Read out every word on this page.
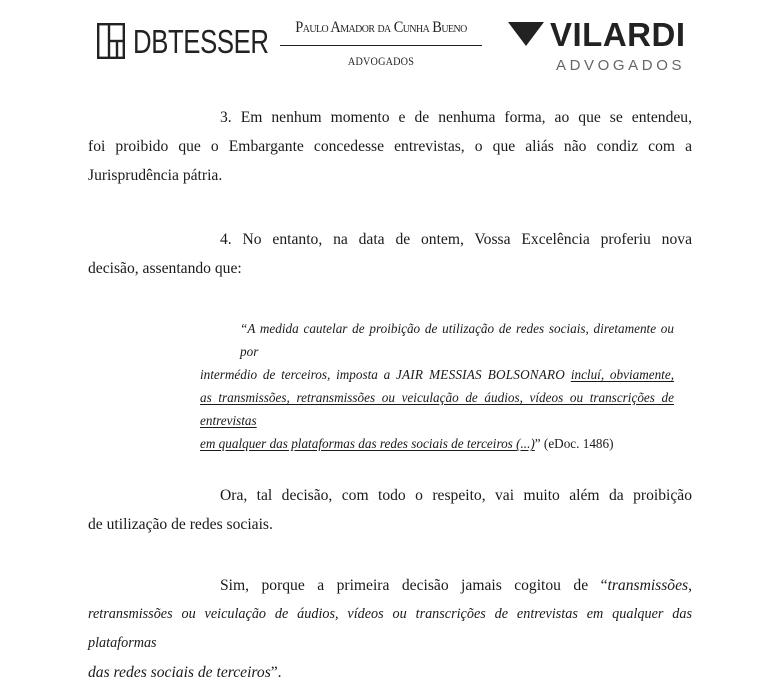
DBTESSER	Paulo Amador da Cunha Bueno
ADVOGADOS
VILARDI
ADVOGADOS
3. Em nenhum momento e de nenhuma forma, ao que se entendeu,
foi proibido que o Embargante concedesse entrevistas, o que aliás não condiz com a
Jurisprudência pátria.
4. No entanto, na data de ontem, Vossa Excelência proferiu nova
decisão, assentando que:
“A medida cautelar de proibição de utilização de redes sociais, diretamente ou por
intermédio de terceiros, imposta a JAIR MESSIAS BOLSONARO incluí, obviamente,
as transmissões, retransmissões ou veiculação de áudios, vídeos ou transcrições de entrevistas
em qualquer das plataformas das redes sociais de terceiros (...)” (eDoc. 1486)
Ora, tal decisão, com todo o respeito, vai muito além da proibição
de utilização de redes sociais.
Sim, porque a primeira decisão jamais cogitou de “transmissões,
retransmissões ou veiculação de áudios, vídeos ou transcrições de entrevistas em qualquer das plataformas
das redes sociais de terceiros”.
